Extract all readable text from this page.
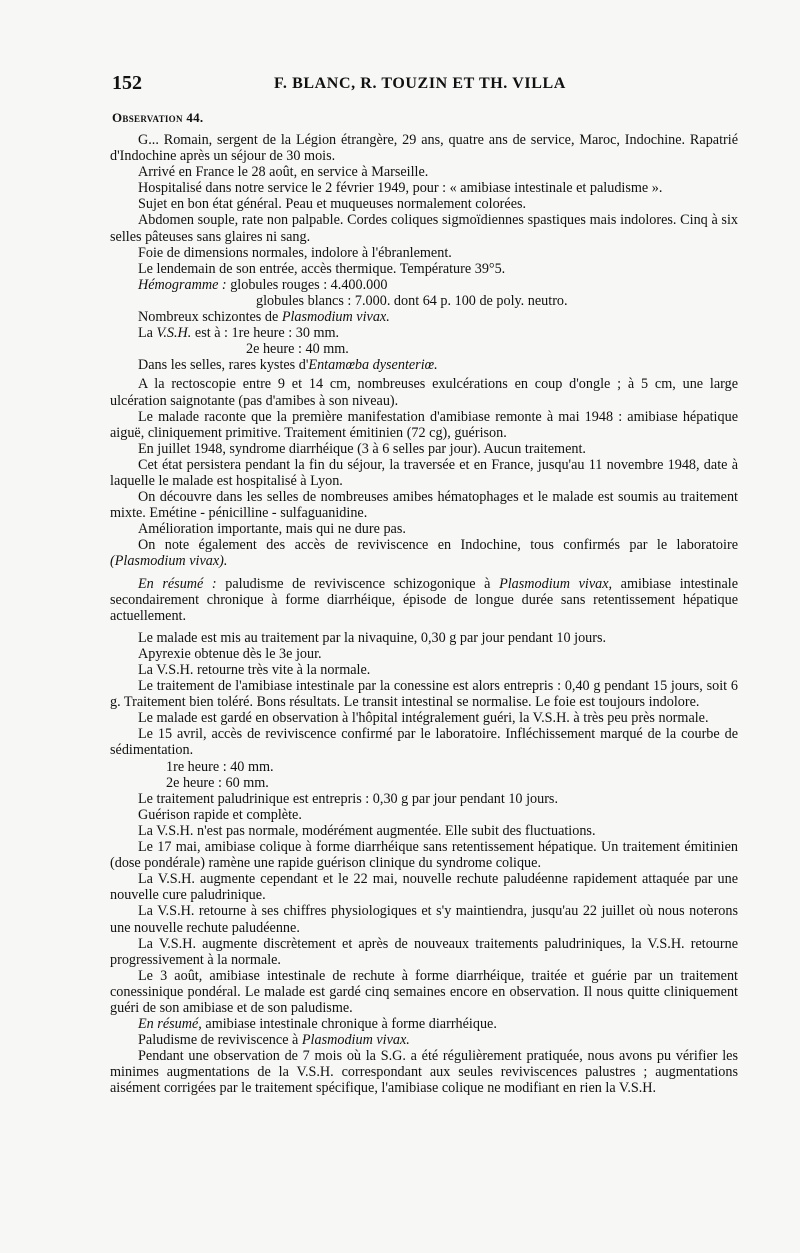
152	F. BLANC, R. TOUZIN ET TH. VILLA
Observation 44.

G... Romain, sergent de la Légion étrangère, 29 ans, quatre ans de service, Maroc, Indochine. Rapatrié d'Indochine après un séjour de 30 mois.

Arrivé en France le 28 août, en service à Marseille.

Hospitalisé dans notre service le 2 février 1949, pour : « amibiase intestinale et paludisme ».

Sujet en bon état général. Peau et muqueuses normalement colorées.

Abdomen souple, rate non palpable. Cordes coliques sigmoïdiennes spastiques mais indolores. Cinq à six selles pâteuses sans glaires ni sang.

Foie de dimensions normales, indolore à l'ébranlement.

Le lendemain de son entrée, accès thermique. Température 39°5.

Hémogramme : globules rouges : 4.400.000

globules blancs : 7.000. dont 64 p. 100 de poly. neutro.

Nombreux schizontes de Plasmodium vivax.

La V.S.H. est à : 1re heure : 30 mm.

2e heure : 40 mm.

Dans les selles, rares kystes d'Entamœba dysenteriœ.

A la rectoscopie entre 9 et 14 cm, nombreuses exulcérations en coup d'ongle ; à 5 cm, une large ulcération saignotante (pas d'amibes à son niveau).

Le malade raconte que la première manifestation d'amibiase remonte à mai 1948 : amibiase hépatique aiguë, cliniquement primitive. Traitement émitinien (72 cg), guérison.

En juillet 1948, syndrome diarrhéique (3 à 6 selles par jour). Aucun traitement.

Cet état persistera pendant la fin du séjour, la traversée et en France, jusqu'au 11 novembre 1948, date à laquelle le malade est hospitalisé à Lyon.

On découvre dans les selles de nombreuses amibes hématophages et le malade est soumis au traitement mixte. Emétine - pénicilline - sulfaguanidine.

Amélioration importante, mais qui ne dure pas.

On note également des accès de reviviscence en Indochine, tous confirmés par le laboratoire (Plasmodium vivax).

En résumé : paludisme de reviviscence schizogonique à Plasmodium vivax, amibiase intestinale secondairement chronique à forme diarrhéique, épisode de longue durée sans retentissement hépatique actuellement.

Le malade est mis au traitement par la nivaquine, 0,30 g par jour pendant 10 jours.

Apyrexie obtenue dès le 3e jour.

La V.S.H. retourne très vite à la normale.

Le traitement de l'amibiase intestinale par la conessine est alors entrepris : 0,40 g pendant 15 jours, soit 6 g. Traitement bien toléré. Bons résultats. Le transit intestinal se normalise. Le foie est toujours indolore.

Le malade est gardé en observation à l'hôpital intégralement guéri, la V.S.H. à très peu près normale.

Le 15 avril, accès de reviviscence confirmé par le laboratoire. Infléchissement marqué de la courbe de sédimentation.

1re heure : 40 mm.
2e heure : 60 mm.

Le traitement paludrinique est entrepris : 0,30 g par jour pendant 10 jours.

Guérison rapide et complète.

La V.S.H. n'est pas normale, modérément augmentée. Elle subit des fluctuations.

Le 17 mai, amibiase colique à forme diarrhéique sans retentissement hépatique. Un traitement émitinien (dose pondérale) ramène une rapide guérison clinique du syndrome colique.

La V.S.H. augmente cependant et le 22 mai, nouvelle rechute paludéenne rapidement attaquée par une nouvelle cure paludrinique.

La V.S.H. retourne à ses chiffres physiologiques et s'y maintiendra, jusqu'au 22 juillet où nous noterons une nouvelle rechute paludéenne.

La V.S.H. augmente discrètement et après de nouveaux traitements paludriniques, la V.S.H. retourne progressivement à la normale.

Le 3 août, amibiase intestinale de rechute à forme diarrhéique, traitée et guérie par un traitement conessinique pondéral. Le malade est gardé cinq semaines encore en observation. Il nous quitte cliniquement guéri de son amibiase et de son paludisme.

En résumé, amibiase intestinale chronique à forme diarrhéique.

Paludisme de reviviscence à Plasmodium vivax.

Pendant une observation de 7 mois où la S.G. a été régulièrement pratiquée, nous avons pu vérifier les minimes augmentations de la V.S.H. correspondant aux seules reviviscences palustres ; augmentations aisément corrigées par le traitement spécifique, l'amibiase colique ne modifiant en rien la V.S.H.
